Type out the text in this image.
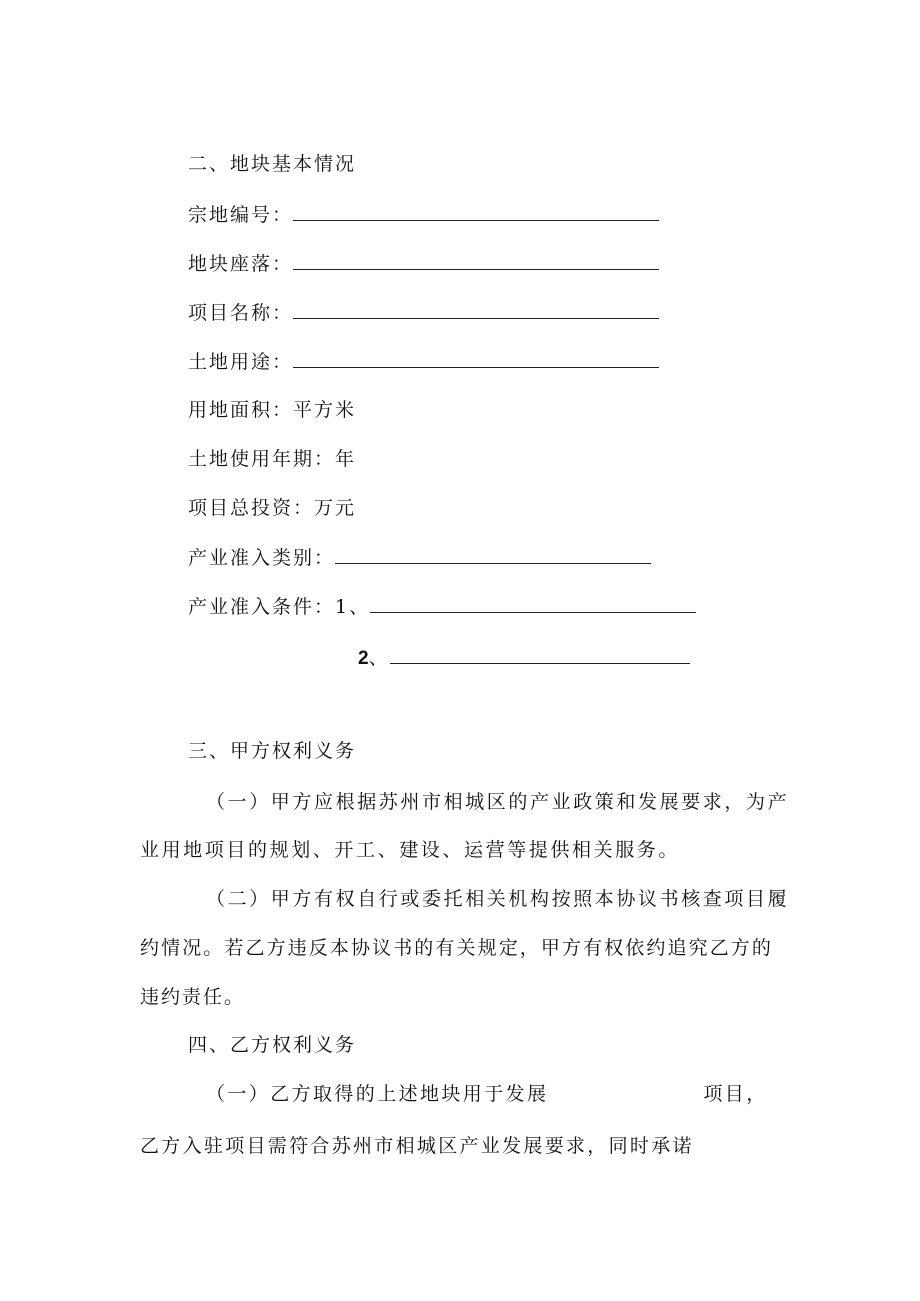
二、地块基本情况
宗地编号：
地块座落：
项目名称：
土地用途：
用地面积：平方米
土地使用年期：年
项目总投资：万元
产业准入类别：
产业准入条件：1、
2、
三、甲方权利义务
（一）甲方应根据苏州市相城区的产业政策和发展要求，为产
业用地项目的规划、开工、建设、运营等提供相关服务。
（二）甲方有权自行或委托相关机构按照本协议书核查项目履
约情况。若乙方违反本协议书的有关规定，甲方有权依约追究乙方的
违约责任。
四、乙方权利义务
（一）乙方取得的上述地块用于发展	项目，
乙方入驻项目需符合苏州市相城区产业发展要求，同时承诺
